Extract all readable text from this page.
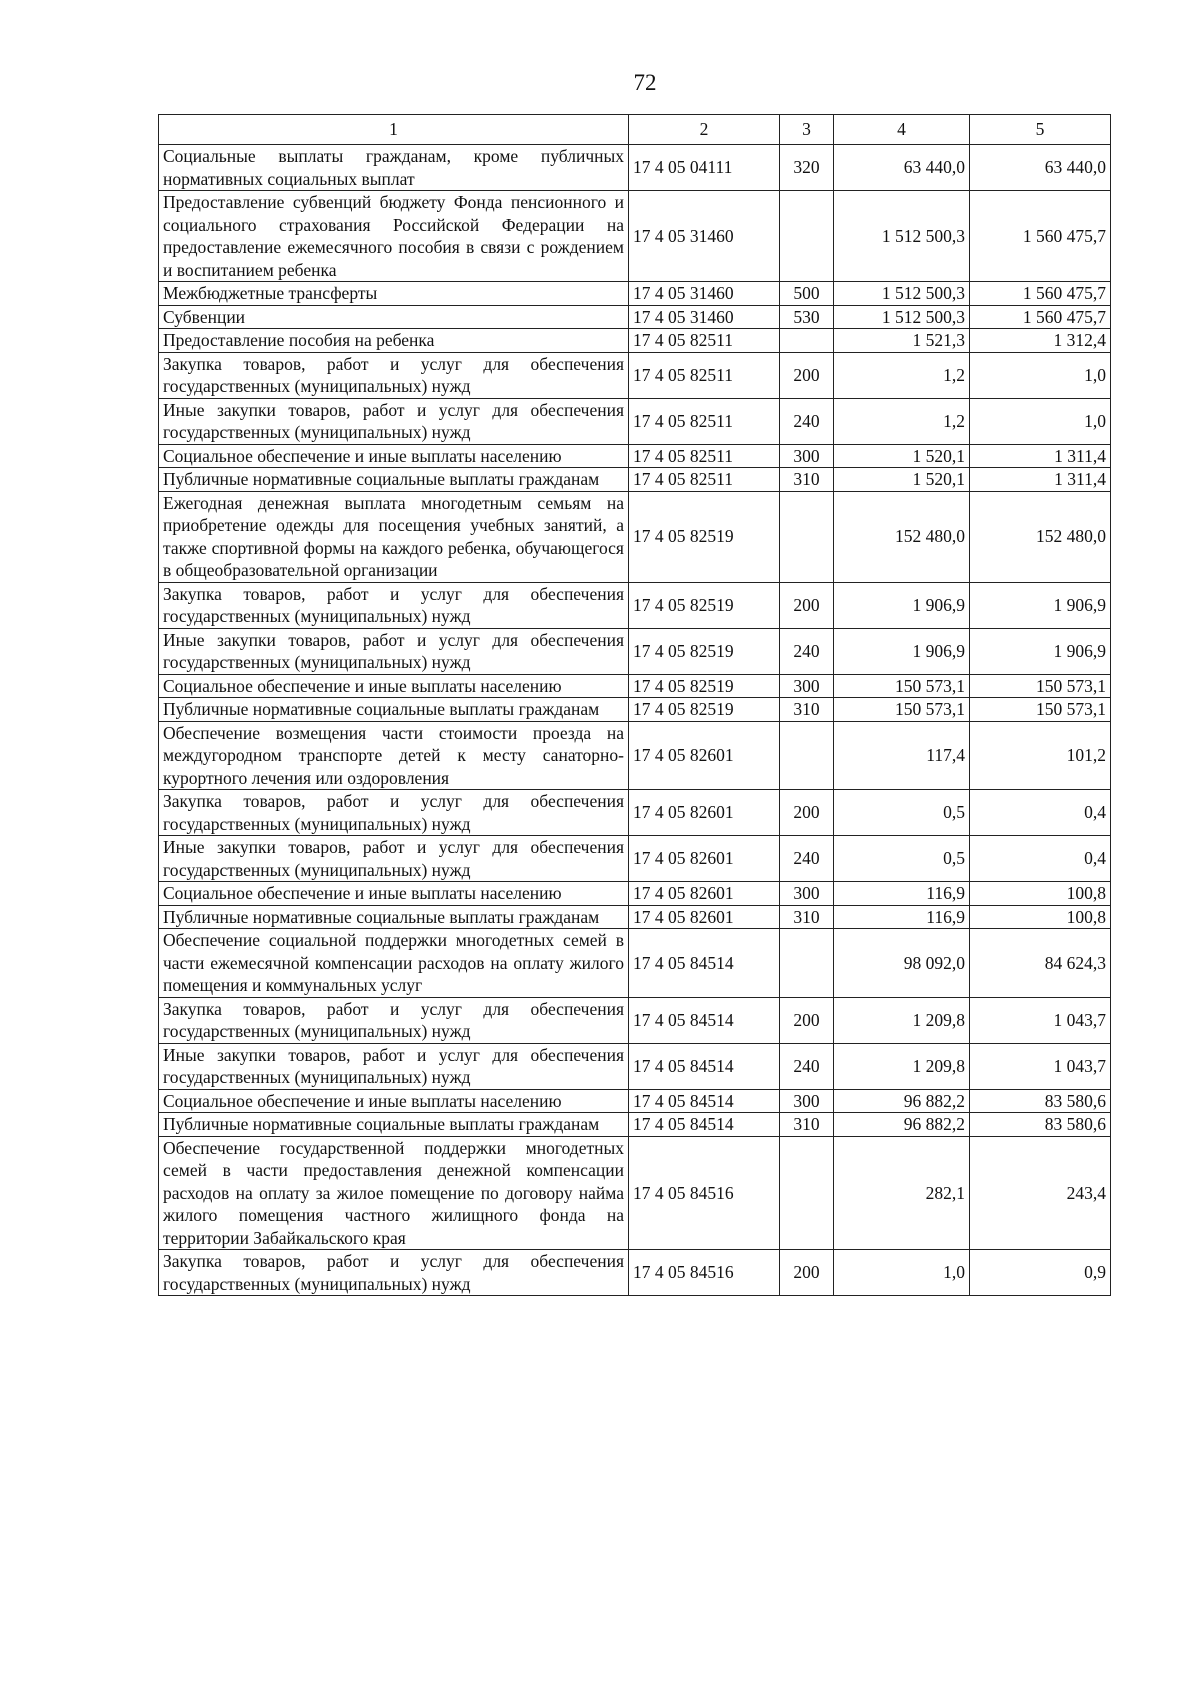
72
1	2	3	4	5
Социальные выплаты гражданам, кроме публичных нормативных социальных выплат	17 4 05 04111	320	63 440,0	63 440,0
Предоставление субвенций бюджету Фонда пенсионного и социального страхования Российской Федерации на предоставление ежемесячного пособия в связи с рождением и воспитанием ребенка	17 4 05 31460		1 512 500,3	1 560 475,7
Межбюджетные трансферты	17 4 05 31460	500	1 512 500,3	1 560 475,7
Субвенции	17 4 05 31460	530	1 512 500,3	1 560 475,7
Предоставление пособия на ребенка	17 4 05 82511		1 521,3	1 312,4
Закупка товаров, работ и услуг для обеспечения государственных (муниципальных) нужд	17 4 05 82511	200	1,2	1,0
Иные закупки товаров, работ и услуг для обеспечения государственных (муниципальных) нужд	17 4 05 82511	240	1,2	1,0
Социальное обеспечение и иные выплаты населению	17 4 05 82511	300	1 520,1	1 311,4
Публичные нормативные социальные выплаты гражданам	17 4 05 82511	310	1 520,1	1 311,4
Ежегодная денежная выплата многодетным семьям на приобретение одежды для посещения учебных занятий, а также спортивной формы на каждого ребенка, обучающегося в общеобразовательной организации	17 4 05 82519		152 480,0	152 480,0
Закупка товаров, работ и услуг для обеспечения государственных (муниципальных) нужд	17 4 05 82519	200	1 906,9	1 906,9
Иные закупки товаров, работ и услуг для обеспечения государственных (муниципальных) нужд	17 4 05 82519	240	1 906,9	1 906,9
Социальное обеспечение и иные выплаты населению	17 4 05 82519	300	150 573,1	150 573,1
Публичные нормативные социальные выплаты гражданам	17 4 05 82519	310	150 573,1	150 573,1
Обеспечение возмещения части стоимости проезда на междугородном транспорте детей к месту санаторно-курортного лечения или оздоровления	17 4 05 82601		117,4	101,2
Закупка товаров, работ и услуг для обеспечения государственных (муниципальных) нужд	17 4 05 82601	200	0,5	0,4
Иные закупки товаров, работ и услуг для обеспечения государственных (муниципальных) нужд	17 4 05 82601	240	0,5	0,4
Социальное обеспечение и иные выплаты населению	17 4 05 82601	300	116,9	100,8
Публичные нормативные социальные выплаты гражданам	17 4 05 82601	310	116,9	100,8
Обеспечение социальной поддержки многодетных семей в части ежемесячной компенсации расходов на оплату жилого помещения и коммунальных услуг	17 4 05 84514		98 092,0	84 624,3
Закупка товаров, работ и услуг для обеспечения государственных (муниципальных) нужд	17 4 05 84514	200	1 209,8	1 043,7
Иные закупки товаров, работ и услуг для обеспечения государственных (муниципальных) нужд	17 4 05 84514	240	1 209,8	1 043,7
Социальное обеспечение и иные выплаты населению	17 4 05 84514	300	96 882,2	83 580,6
Публичные нормативные социальные выплаты гражданам	17 4 05 84514	310	96 882,2	83 580,6
Обеспечение государственной поддержки многодетных семей в части предоставления денежной компенсации расходов на оплату за жилое помещение по договору найма жилого помещения частного жилищного фонда на территории Забайкальского края	17 4 05 84516		282,1	243,4
Закупка товаров, работ и услуг для обеспечения государственных (муниципальных) нужд	17 4 05 84516	200	1,0	0,9
